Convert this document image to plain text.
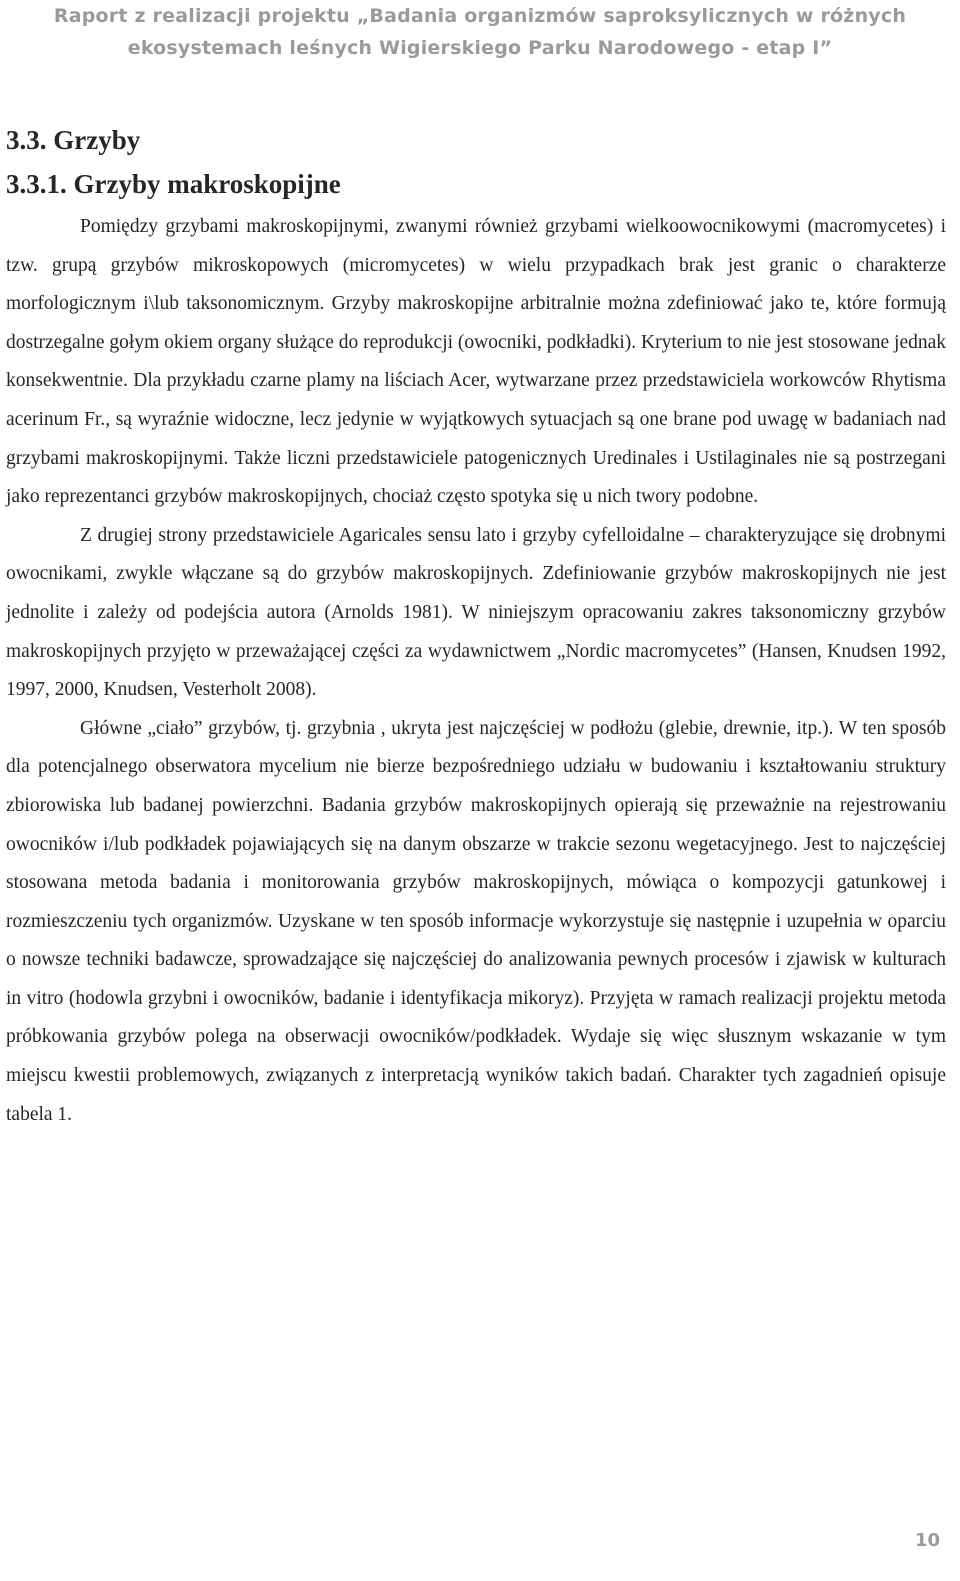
Raport z realizacji projektu „Badania organizmów saproksylicznych w różnych
ekosystemach leśnych Wigierskiego Parku Narodowego - etap I”
3.3. Grzyby
3.3.1. Grzyby makroskopijne

Pomiędzy grzybami makroskopijnymi, zwanymi również grzybami wielkoowocnikowymi (macromycetes) i tzw. grupą grzybów mikroskopowych (micromycetes) w wielu przypadkach brak jest granic o charakterze morfologicznym i\lub taksonomicznym. Grzyby makroskopijne arbitralnie można zdefiniować jako te, które formują dostrzegalne gołym okiem organy służące do reprodukcji (owocniki, podkładki). Kryterium to nie jest stosowane jednak konsekwentnie. Dla przykładu czarne plamy na liściach Acer, wytwarzane przez przedstawiciela workowców Rhytisma acerinum Fr., są wyraźnie widoczne, lecz jedynie w wyjątkowych sytuacjach są one brane pod uwagę w badaniach nad grzybami makroskopijnymi. Także liczni przedstawiciele patogenicznych Uredinales i Ustilaginales nie są postrzegani jako reprezentanci grzybów makroskopijnych, chociaż często spotyka się u nich twory podobne.

Z drugiej strony przedstawiciele Agaricales sensu lato i grzyby cyfelloidalne – charakteryzujące się drobnymi owocnikami, zwykle włączane są do grzybów makroskopijnych. Zdefiniowanie grzybów makroskopijnych nie jest jednolite i zależy od podejścia autora (Arnolds 1981). W niniejszym opracowaniu zakres taksonomiczny grzybów makroskopijnych przyjęto w przeważającej części za wydawnictwem „Nordic macromycetes” (Hansen, Knudsen 1992, 1997, 2000, Knudsen, Vesterholt 2008).

Główne „ciało” grzybów, tj. grzybnia , ukryta jest najczęściej w podłożu (glebie, drewnie, itp.). W ten sposób dla potencjalnego obserwatora mycelium nie bierze bezpośredniego udziału w budowaniu i kształtowaniu struktury zbiorowiska lub badanej powierzchni. Badania grzybów makroskopijnych opierają się przeważnie na rejestrowaniu owocników i/lub podkładek pojawiających się na danym obszarze w trakcie sezonu wegetacyjnego. Jest to najczęściej stosowana metoda badania i monitorowania grzybów makroskopijnych, mówiąca o kompozycji gatunkowej i rozmieszczeniu tych organizmów. Uzyskane w ten sposób informacje wykorzystuje się następnie i uzupełnia w oparciu o nowsze techniki badawcze, sprowadzające się najczęściej do analizowania pewnych procesów i zjawisk w kulturach in vitro (hodowla grzybni i owocników, badanie i identyfikacja mikoryz). Przyjęta w ramach realizacji projektu metoda próbkowania grzybów polega na obserwacji owocników/podkładek. Wydaje się więc słusznym wskazanie w tym miejscu kwestii problemowych, związanych z interpretacją wyników takich badań. Charakter tych zagadnień opisuje tabela 1.

10
